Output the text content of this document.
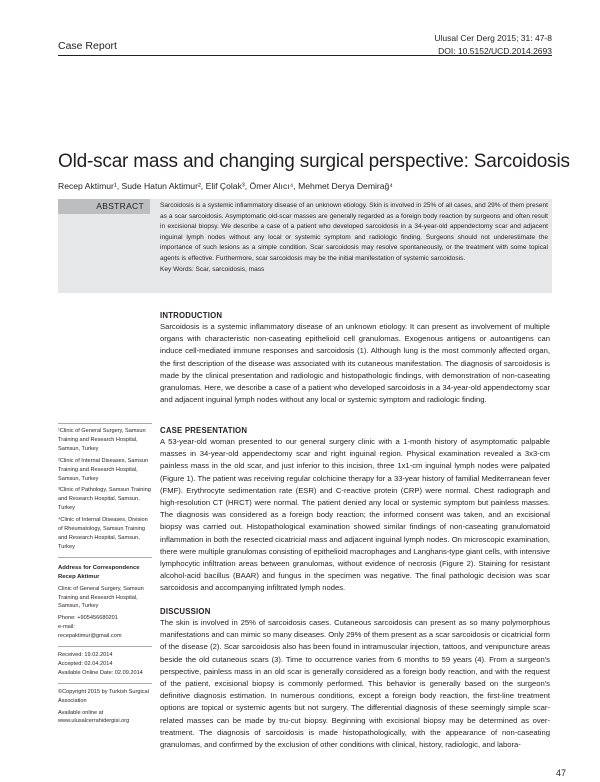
Case Report
Ulusal Cer Derg 2015; 31: 47-8
DOI: 10.5152/UCD.2014.2693
Old-scar mass and changing surgical perspective: Sarcoidosis
Recep Aktimur¹, Sude Hatun Aktimur², Elif Çolak³, Ömer Alıcı⁴, Mehmet Derya Demirağ⁴
ABSTRACT	Sarcoidosis is a systemic inflammatory disease of an unknown etiology. Skin is involved in 25% of all cases, and 29% of them present as a scar sarcoidosis. Asymptomatic old-scar masses are generally regarded as a foreign body reaction by surgeons and often result in excisional biopsy. We describe a case of a patient who developed sarcoidosis in a 34-year-old appendectomy scar and adjacent inguinal lymph nodes without any local or systemic symptom and radiologic finding. Surgeons should not underestimate the importance of such lesions as a simple condition. Scar sarcoidosis may resolve spontaneously, or the treatment with some topical agents is effective. Furthermore, scar sarcoidosis may be the initial manifestation of systemic sarcoidosis.

Key Words: Scar, sarcoidosis, mass

INTRODUCTION

Sarcoidosis is a systemic inflammatory disease of an unknown etiology. It can present as involvement of multiple organs with characteristic non-caseating epithelioid cell granulomas. Exogenous antigens or autoantigens can induce cell-mediated immune responses and sarcoidosis (1). Although lung is the most commonly affected organ, the first description of the disease was associated with its cutaneous manifestation. The diagnosis of sarcoidosis is made by the clinical presentation and radiologic and histopathologic findings, with demonstration of non-caseating granulomas. Here, we describe a case of a patient who developed sarcoidosis in a 34-year-old appendectomy scar and adjacent inguinal lymph nodes without any local or systemic symptom and radiologic finding.

CASE PRESENTATION

A 53-year-old woman presented to our general surgery clinic with a 1-month history of asymptomatic palpable masses in 34-year-old appendectomy scar and right inguinal region. Physical examination revealed a 3x3-cm painless mass in the old scar, and just inferior to this incision, three 1x1-cm inguinal lymph nodes were palpated (Figure 1). The patient was receiving regular colchicine therapy for a 33-year history of familial Mediterranean fever (FMF). Erythrocyte sedimentation rate (ESR) and C-reactive protein (CRP) were normal. Chest radiograph and high-resolution CT (HRCT) were normal. The patient denied any local or systemic symptom but painless masses. The diagnosis was considered as a foreign body reaction; the informed consent was taken, and an excisional biopsy was carried out. Histopathological examination showed similar findings of non-caseating granulomatoid inflammation in both the resected cicatricial mass and adjacent inguinal lymph nodes. On microscopic examination, there were multiple granulomas consisting of epithelioid macrophages and Langhans-type giant cells, with intensive lymphocytic infiltration areas between granulomas, without evidence of necrosis (Figure 2). Staining for resistant alcohol-acid bacillus (BAAR) and fungus in the specimen was negative. The final pathologic decision was scar sarcoidosis and accompanying infiltrated lymph nodes.

DISCUSSION

The skin is involved in 25% of sarcoidosis cases. Cutaneous sarcoidosis can present as so many polymorphous manifestations and can mimic so many diseases. Only 29% of them present as a scar sarcoidosis or cicatricial form of the disease (2). Scar sarcoidosis also has been found in intramuscular injection, tattoos, and venipuncture areas beside the old cutaneous scars (3). Time to occurrence varies from 6 months to 59 years (4). From a surgeon's perspective, painless mass in an old scar is generally considered as a foreign body reaction, and with the request of the patient, excisional biopsy is commonly performed. This behavior is generally based on the surgeon's definitive diagnosis estimation. In numerous conditions, except a foreign body reaction, the first-line treatment options are topical or systemic agents but not surgery. The differential diagnosis of these seemingly simple scar-related masses can be made by tru-cut biopsy. Beginning with excisional biopsy may be determined as over-treatment. The diagnosis of sarcoidosis is made histopathologically, with the appearance of non-caseating granulomas, and confirmed by the exclusion of other conditions with clinical, history, radiologic, and labora-

¹Clinic of General Surgery, Samsun Training and Research Hospital, Samsun, Turkey

²Clinic of Internal Diseases, Samsun Training and Research Hospital, Samsun, Turkey

³Clinic of Pathology, Samsun Training and Research Hospital, Samsun, Turkey

⁴Clinic of Internal Diseases, Division of Rheumatology, Samsun Training and Research Hospital, Samsun, Turkey

Address for Correspondence Recep Aktimur

Clinic of General Surgery, Samsun Training and Research Hospital, Samsun, Turkey

Phone: +905456680201

e-mail:

recepaktimur@gmail.com

Received: 19.02.2014

Accepted: 02.04.2014

Available Online Date: 02.09.2014

©Copyright 2015 by Turkish Surgical Association

Available online at

www.ulusalcerrahidergisi.org

47
